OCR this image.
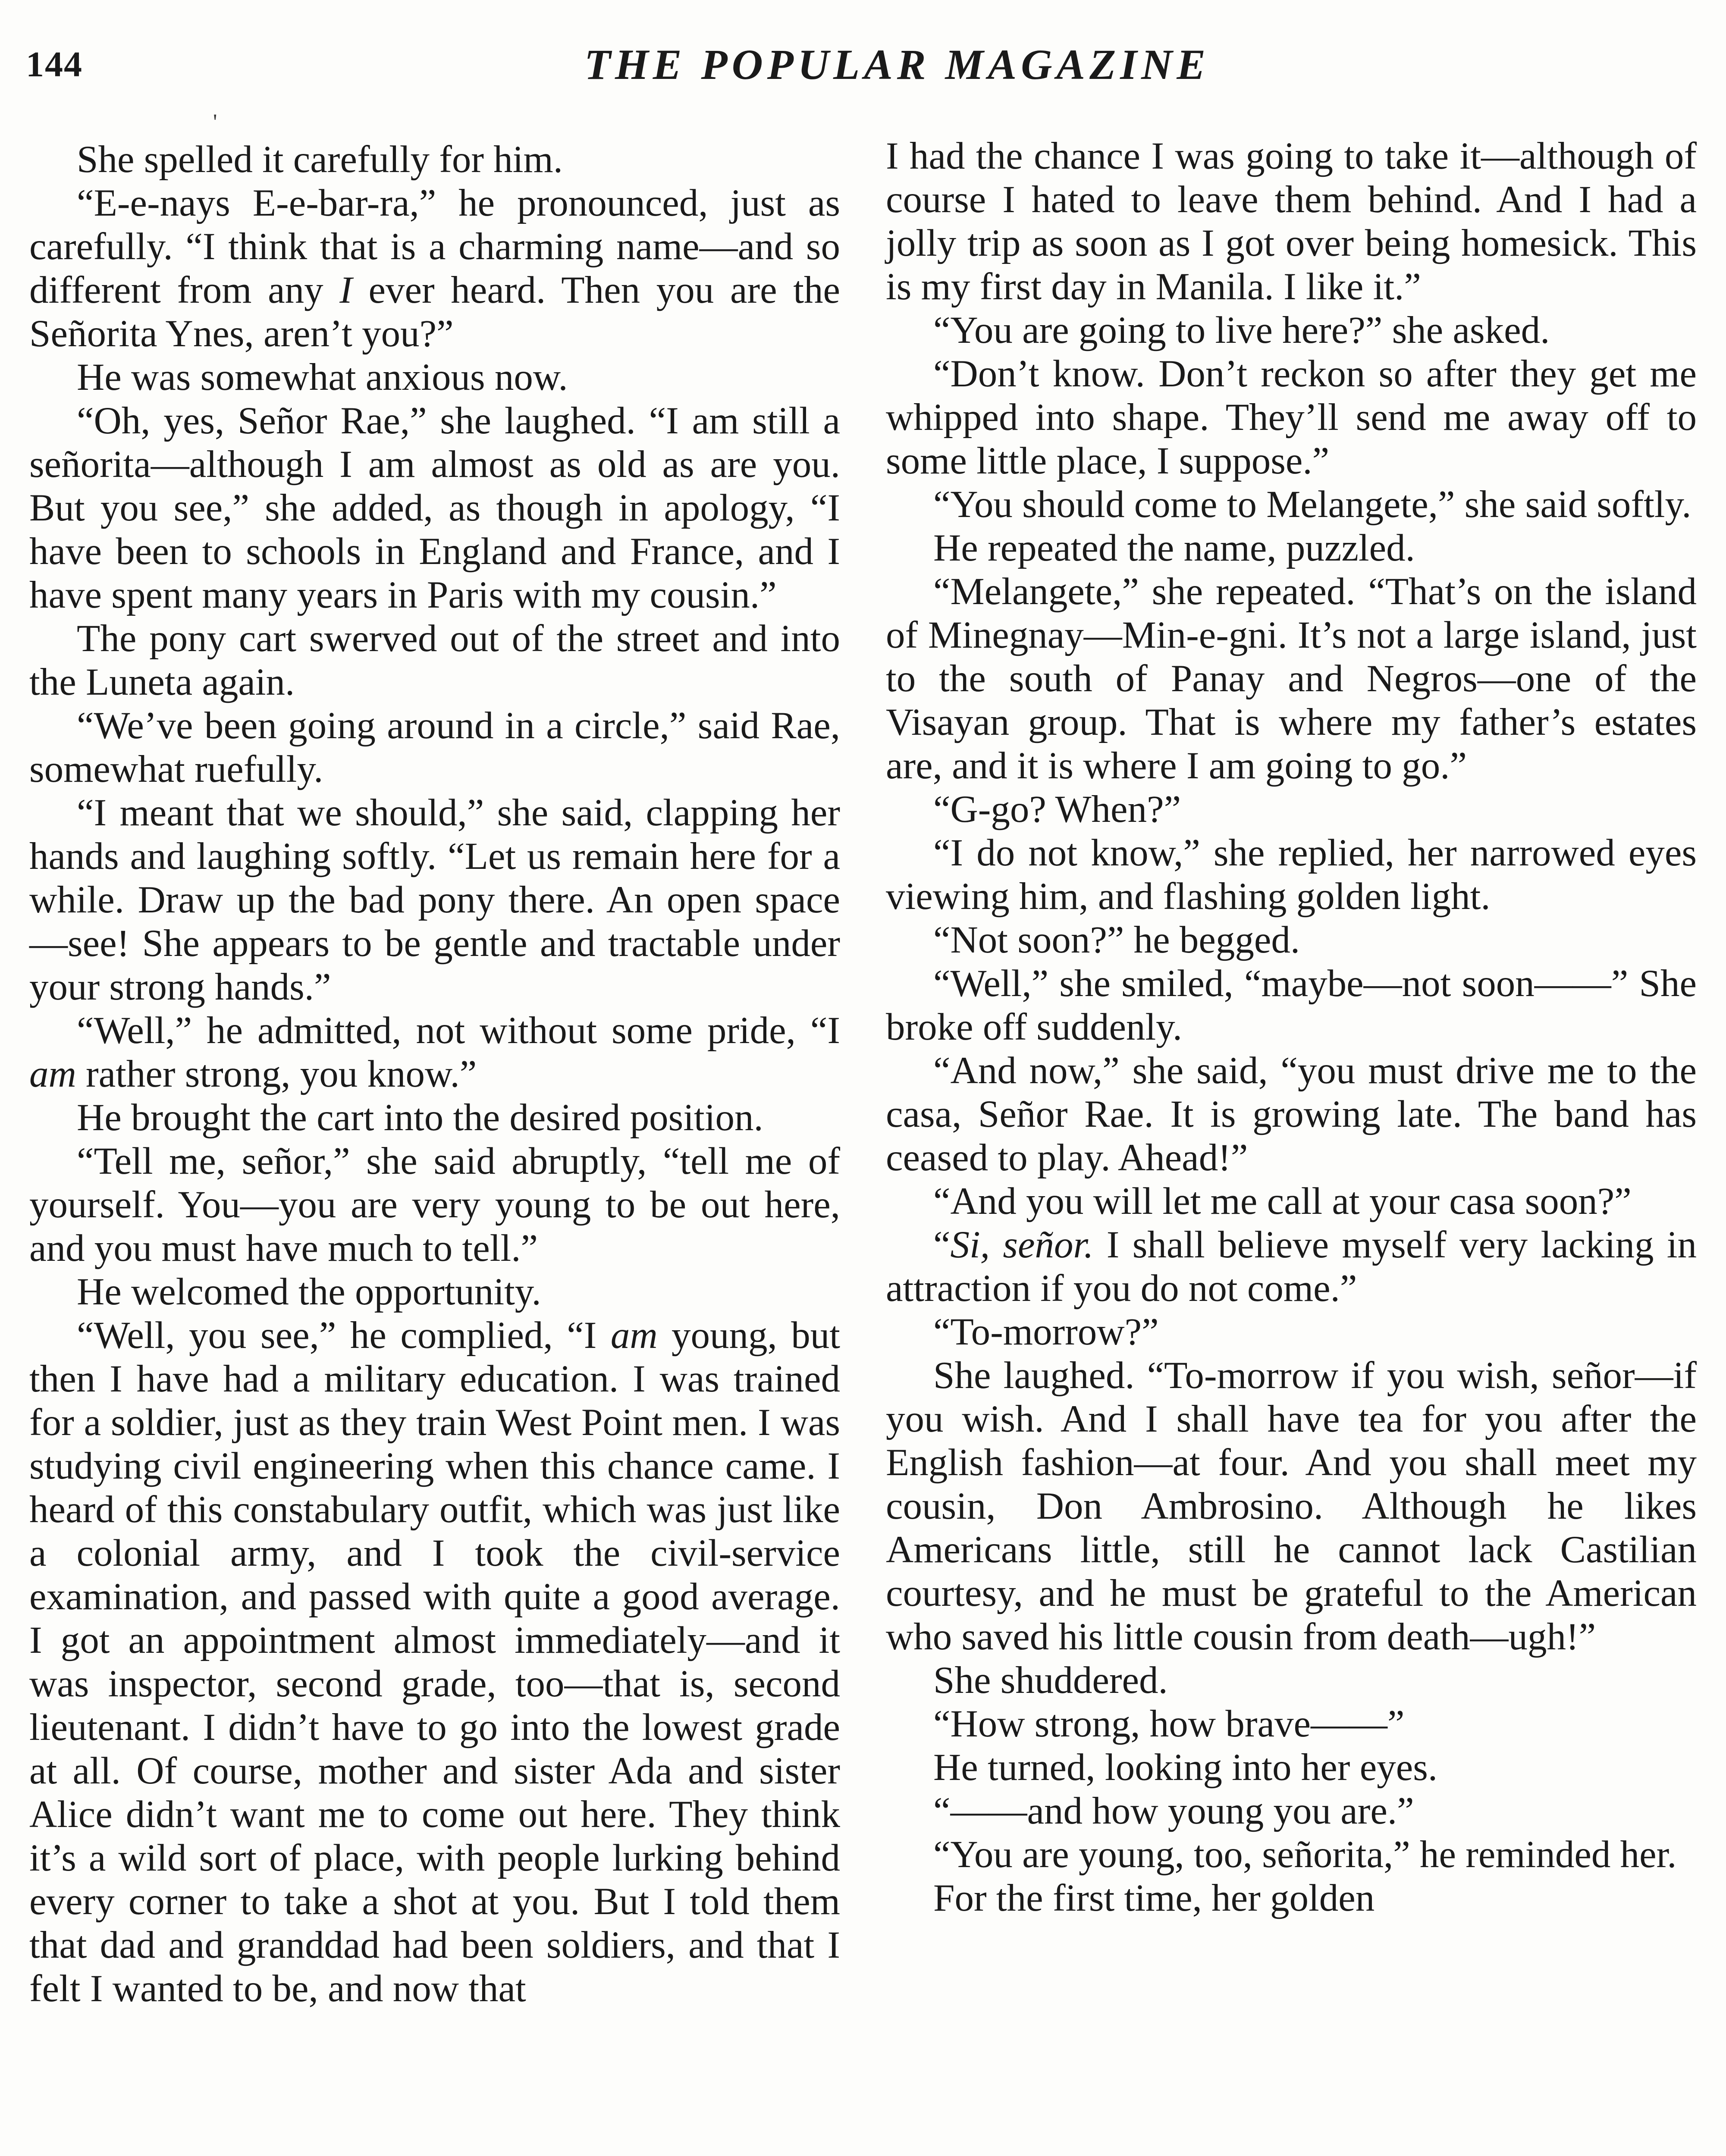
144	THE POPULAR MAGAZINE
'

She spelled it carefully for him.

“E-e-nays E-e-bar-ra,” he pronounced, just as carefully. “I think that is a charming name—and so different from any I ever heard. Then you are the Señorita Ynes, aren’t you?”

He was somewhat anxious now.

“Oh, yes, Señor Rae,” she laughed. “I am still a señorita—although I am almost as old as are you. But you see,” she added, as though in apology, “I have been to schools in England and France, and I have spent many years in Paris with my cousin.”

The pony cart swerved out of the street and into the Luneta again.

“We’ve been going around in a circle,” said Rae, somewhat ruefully.

“I meant that we should,” she said, clapping her hands and laughing softly. “Let us remain here for a while. Draw up the bad pony there. An open space—see! She appears to be gentle and tractable under your strong hands.”

“Well,” he admitted, not without some pride, “I am rather strong, you know.”

He brought the cart into the desired position.

“Tell me, señor,” she said abruptly, “tell me of yourself. You—you are very young to be out here, and you must have much to tell.”

He welcomed the opportunity.

“Well, you see,” he complied, “I am young, but then I have had a military education. I was trained for a soldier, just as they train West Point men. I was studying civil engineering when this chance came. I heard of this constabulary outfit, which was just like a colonial army, and I took the civil-service examination, and passed with quite a good average. I got an appointment almost immediately—and it was inspector, second grade, too—that is, second lieutenant. I didn’t have to go into the lowest grade at all. Of course, mother and sister Ada and sister Alice didn’t want me to come out here. They think it’s a wild sort of place, with people lurking behind every corner to take a shot at you. But I told them that dad and granddad had been soldiers, and that I felt I wanted to be, and now that

I had the chance I was going to take it—although of course I hated to leave them behind. And I had a jolly trip as soon as I got over being homesick. This is my first day in Manila. I like it.”

“You are going to live here?” she asked.

“Don’t know. Don’t reckon so after they get me whipped into shape. They’ll send me away off to some little place, I suppose.”

“You should come to Melangete,” she said softly.

He repeated the name, puzzled.

“Melangete,” she repeated. “That’s on the island of Minegnay—Min-e-gni. It’s not a large island, just to the south of Panay and Negros—one of the Visayan group. That is where my father’s estates are, and it is where I am going to go.”

“G-go? When?”

“I do not know,” she replied, her narrowed eyes viewing him, and flashing golden light.

“Not soon?” he begged.

“Well,” she smiled, “maybe—not soon——” She broke off suddenly.

“And now,” she said, “you must drive me to the casa, Señor Rae. It is growing late. The band has ceased to play. Ahead!”

“And you will let me call at your casa soon?”

“Si, señor. I shall believe myself very lacking in attraction if you do not come.”

“To-morrow?”

She laughed. “To-morrow if you wish, señor—if you wish. And I shall have tea for you after the English fashion—at four. And you shall meet my cousin, Don Ambrosino. Although he likes Americans little, still he cannot lack Castilian courtesy, and he must be grateful to the American who saved his little cousin from death—ugh!”

She shuddered.

“How strong, how brave——”

He turned, looking into her eyes.

“——and how young you are.”

“You are young, too, señorita,” he reminded her.

For the first time, her golden
